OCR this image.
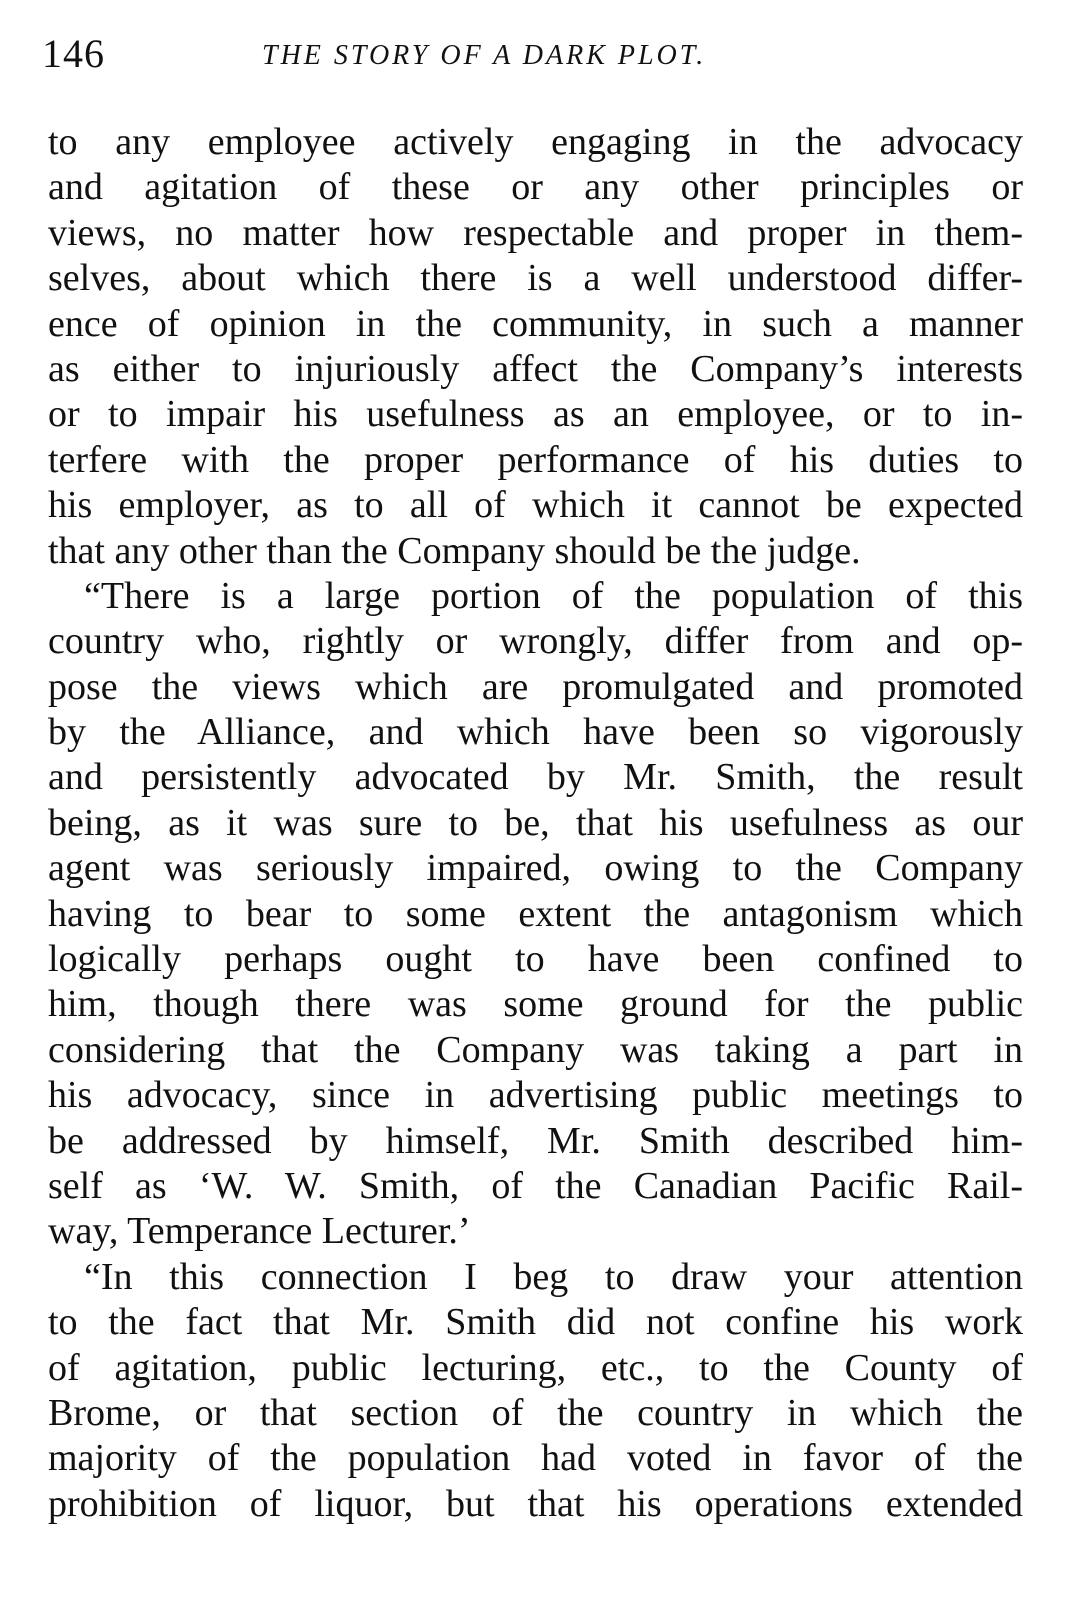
146	THE STORY OF A DARK PLOT.
to any employee actively engaging in the advocacy
and agitation of these or any other principles or
views, no matter how respectable and proper in them-
selves, about which there is a well understood differ-
ence of opinion in the community, in such a manner
as either to injuriously affect the Company’s interests
or to impair his usefulness as an employee, or to in-
terfere with the proper performance of his duties to
his employer, as to all of which it cannot be expected
that any other than the Company should be the judge.
“There is a large portion of the population of this
country who, rightly or wrongly, differ from and op-
pose the views which are promulgated and promoted
by the Alliance, and which have been so vigorously
and persistently advocated by Mr. Smith, the result
being, as it was sure to be, that his usefulness as our
agent was seriously impaired, owing to the Company
having to bear to some extent the antagonism which
logically perhaps ought to have been confined to
him, though there was some ground for the public
considering that the Company was taking a part in
his advocacy, since in advertising public meetings to
be addressed by himself, Mr. Smith described him-
self as ‘W. W. Smith, of the Canadian Pacific Rail-
way, Temperance Lecturer.’
“In this connection I beg to draw your attention
to the fact that Mr. Smith did not confine his work
of agitation, public lecturing, etc., to the County of
Brome, or that section of the country in which the
majority of the population had voted in favor of the
prohibition of liquor, but that his operations extended
